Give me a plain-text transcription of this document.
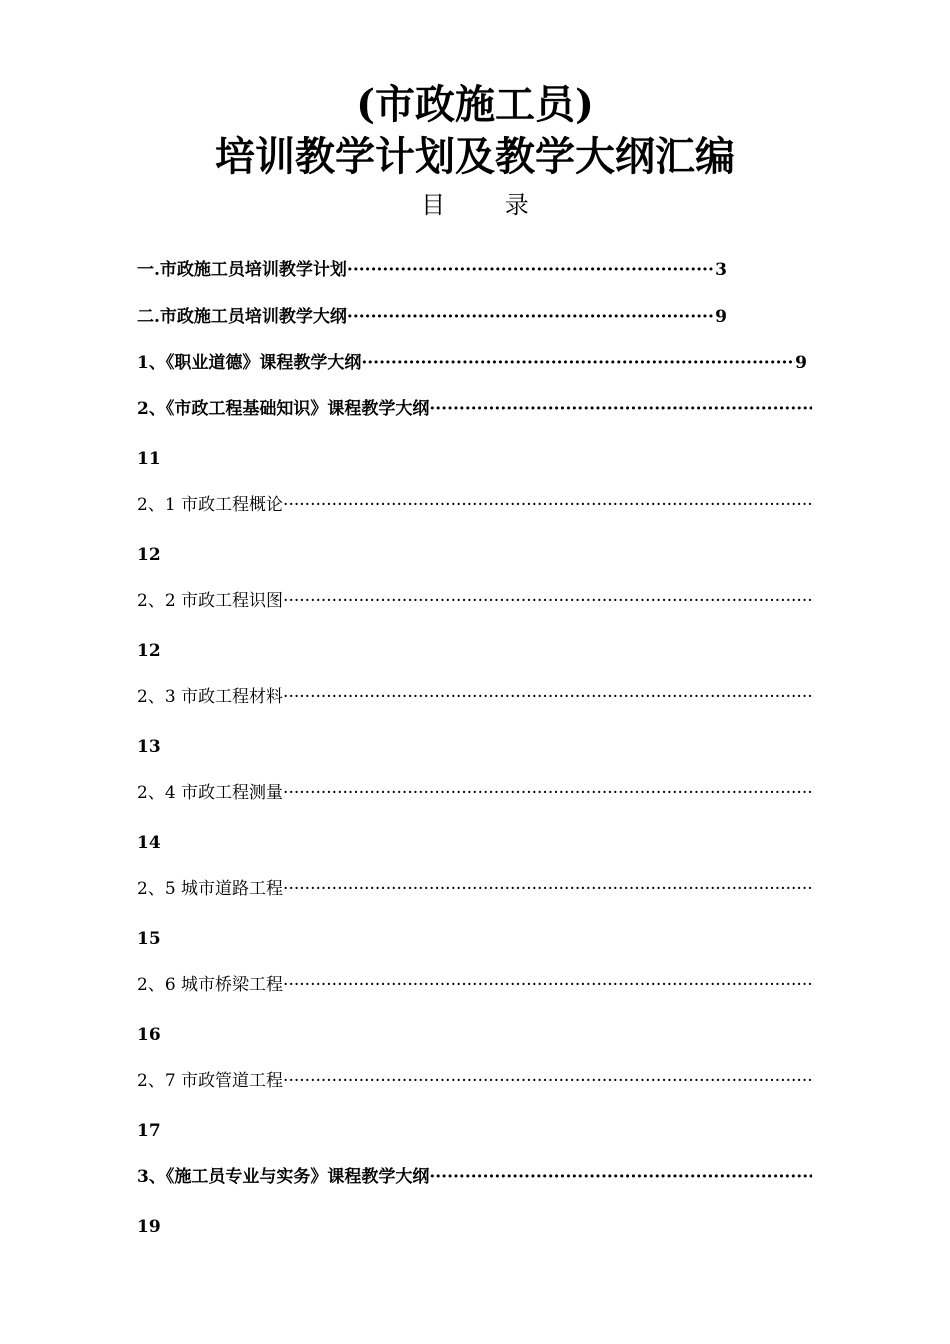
(市政施工员)
培训教学计划及教学大纲汇编
目 录
一.市政施工员培训教学计划 ·····	3
二.市政施工员培训教学大纲 ·····	9
1、《职业道德》课程教学大纲 ·····	9
2、《市政工程基础知识》课程教学大纲
·····
11
2、1 市政工程概论
·····
12
2、2 市政工程识图
·····
12
2、3 市政工程材料
·····
13
2、4 市政工程测量
·····
14
2、5 城市道路工程
·····
15
2、6 城市桥梁工程
·····
16
2、7 市政管道工程
·····
17
3、《施工员专业与实务》课程教学大纲
·····
19
